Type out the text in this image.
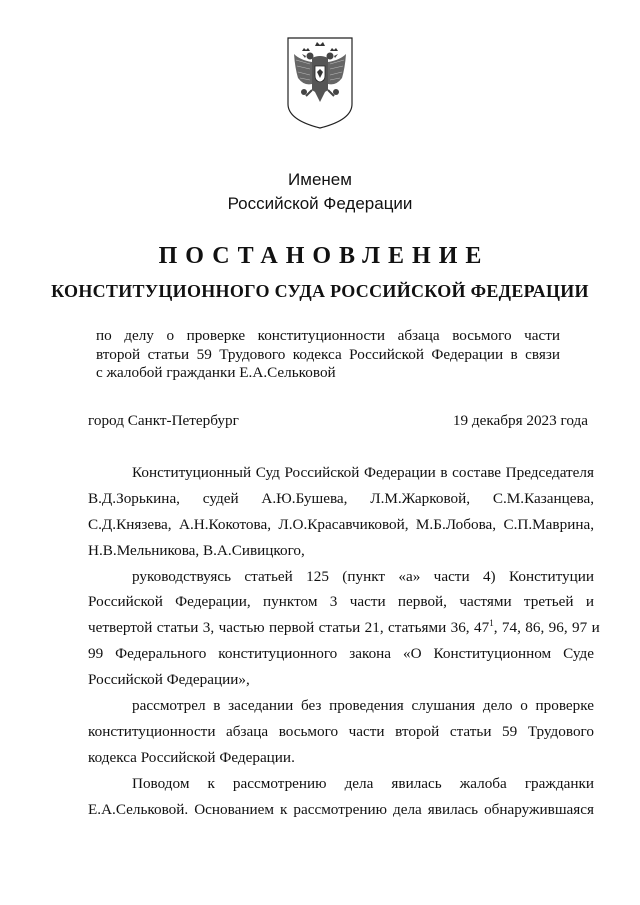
Именем
Российской Федерации
ПОСТАНОВЛЕНИЕ
КОНСТИТУЦИОННОГО СУДА РОССИЙСКОЙ ФЕДЕРАЦИИ
по делу о проверке конституционности абзаца восьмого части
второй статьи 59 Трудового кодекса Российской Федерации в связи
с жалобой гражданки Е.А.Сельковой
город Санкт-Петербург	19 декабря 2023 года
Конституционный Суд Российской Федерации в составе Председателя
В.Д.Зорькина, судей А.Ю.Бушева, Л.М.Жарковой, С.М.Казанцева,
С.Д.Князева, А.Н.Кокотова, Л.О.Красавчиковой, М.Б.Лобова, С.П.Маврина,
Н.В.Мельникова, В.А.Сивицкого,
руководствуясь статьей 125 (пункт «а» части 4) Конституции
Российской Федерации, пунктом 3 части первой, частями третьей и
четвертой статьи 3, частью первой статьи 21, статьями 36, $47^1$, 74, 86, 96, 97 и
99 Федерального конституционного закона «О Конституционном Суде
Российской Федерации»,
рассмотрел в заседании без проведения слушания дело о проверке
конституционности абзаца восьмого части второй статьи 59 Трудового
кодекса Российской Федерации.
Поводом к рассмотрению дела явилась жалоба гражданки
Е.А.Сельковой. Основанием к рассмотрению дела явилась обнаружившаяся
